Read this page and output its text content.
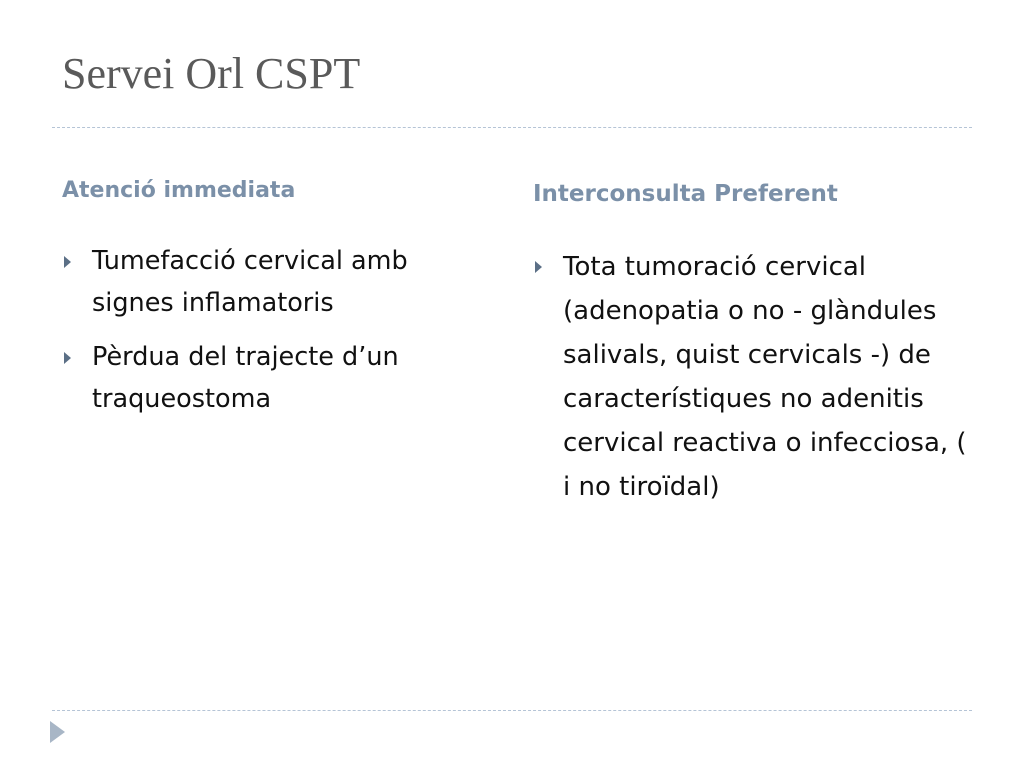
Servei Orl CSPT
Atenció immediata
Tumefacció cervical amb signes inflamatoris
Pèrdua del trajecte d’un traqueostoma
Interconsulta Preferent
Tota tumoració cervical (adenopatia o no - glàndules salivals, quist cervicals -) de característiques no adenitis cervical reactiva o infecciosa, ( i no tiroïdal)
